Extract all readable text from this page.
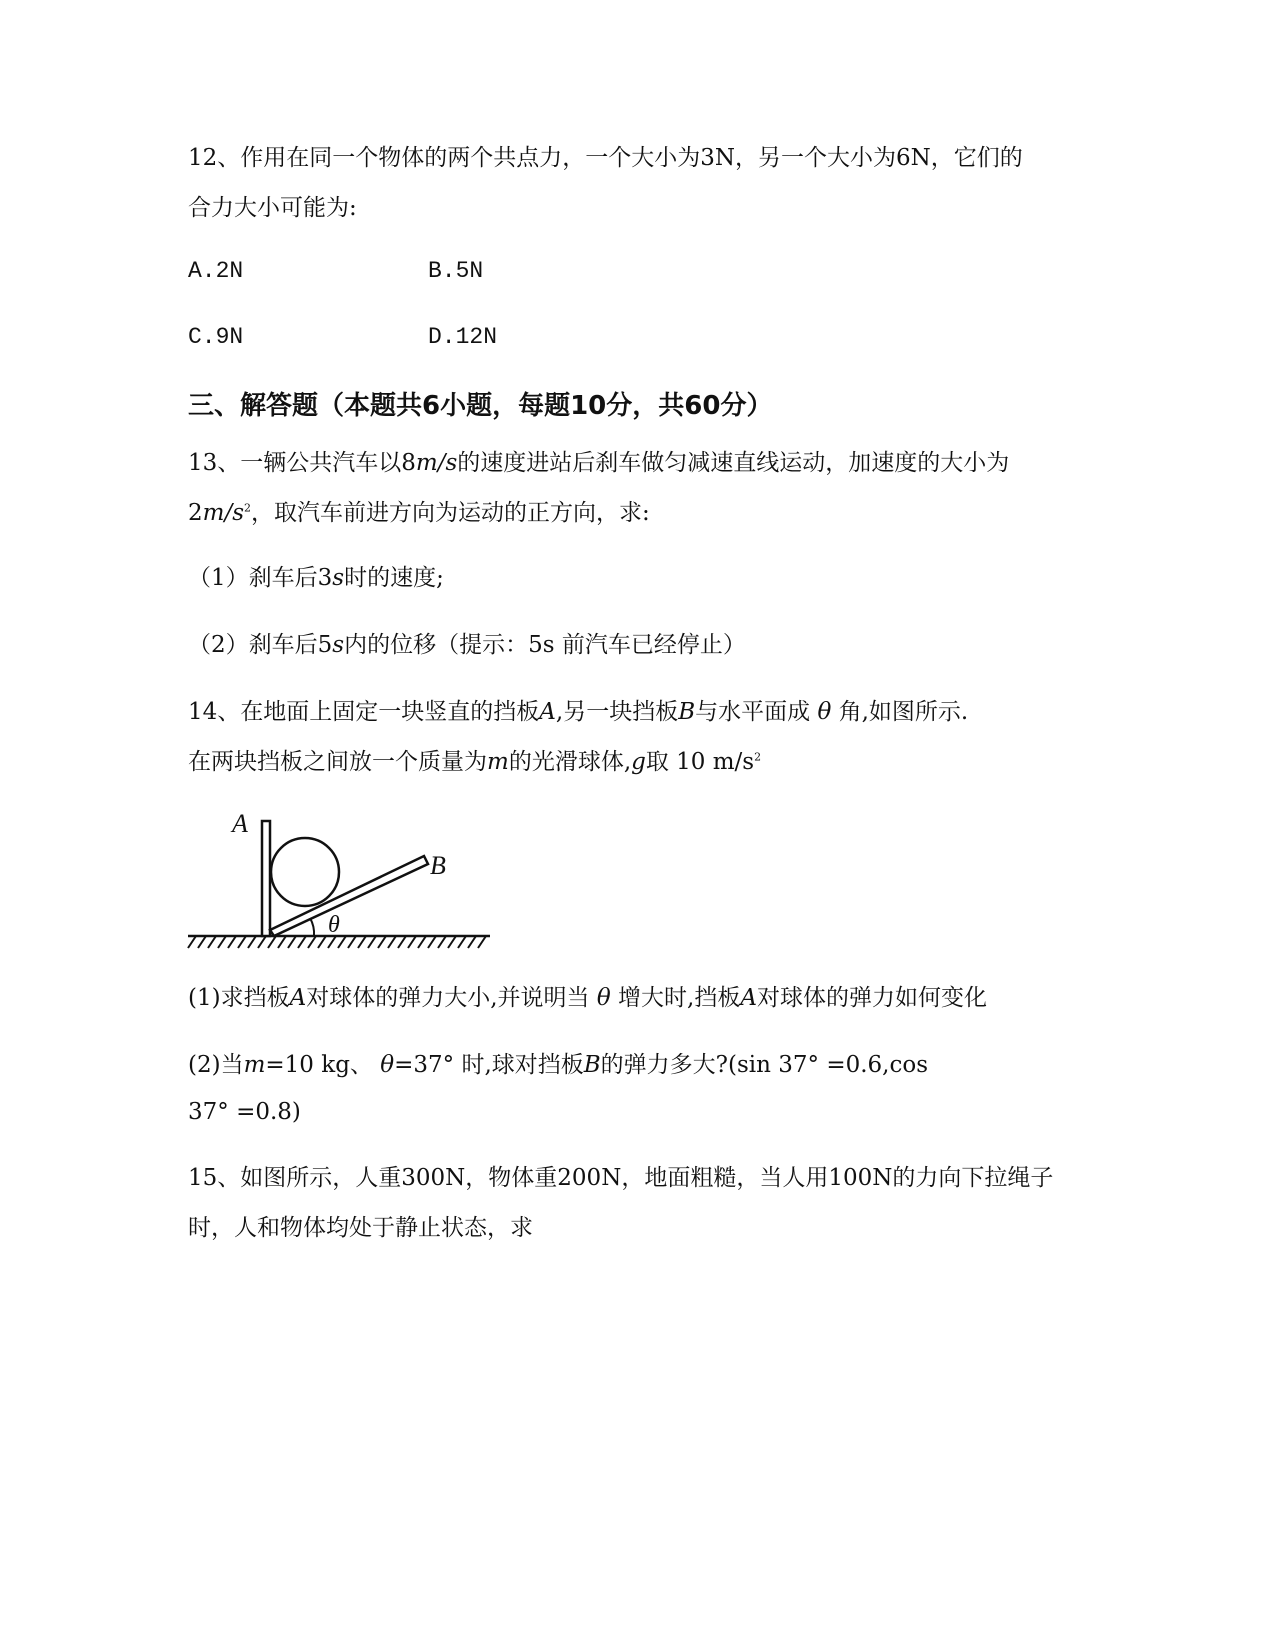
12、作用在同一个物体的两个共点力，一个大小为3N，另一个大小为6N，它们的
合力大小可能为:
A.2N	B.5N
C.9N	D.12N
三、解答题（本题共6小题，每题10分，共60分）
13、一辆公共汽车以8m/s的速度进站后刹车做匀减速直线运动，加速度的大小为
$2m/s^2$，取汽车前进方向为运动的正方向，求:
（1）刹车后3s时的速度;
（2）刹车后5s内的位移（提示：5s 前汽车已经停止）
14、在地面上固定一块竖直的挡板A,另一块挡板B与水平面成 θ 角,如图所示.
在两块挡板之间放一个质量为m的光滑球体,g取 10 $m/s^2$
A
B
θ
(1)求挡板A对球体的弹力大小,并说明当 θ 增大时,挡板A对球体的弹力如何变化
(2)当m=10 kg、 θ=37° 时,球对挡板B的弹力多大?(sin 37° =0.6,cos
37° =0.8)
15、如图所示，人重300N，物体重200N，地面粗糙，当人用100N的力向下拉绳子
时，人和物体均处于静止状态，求
